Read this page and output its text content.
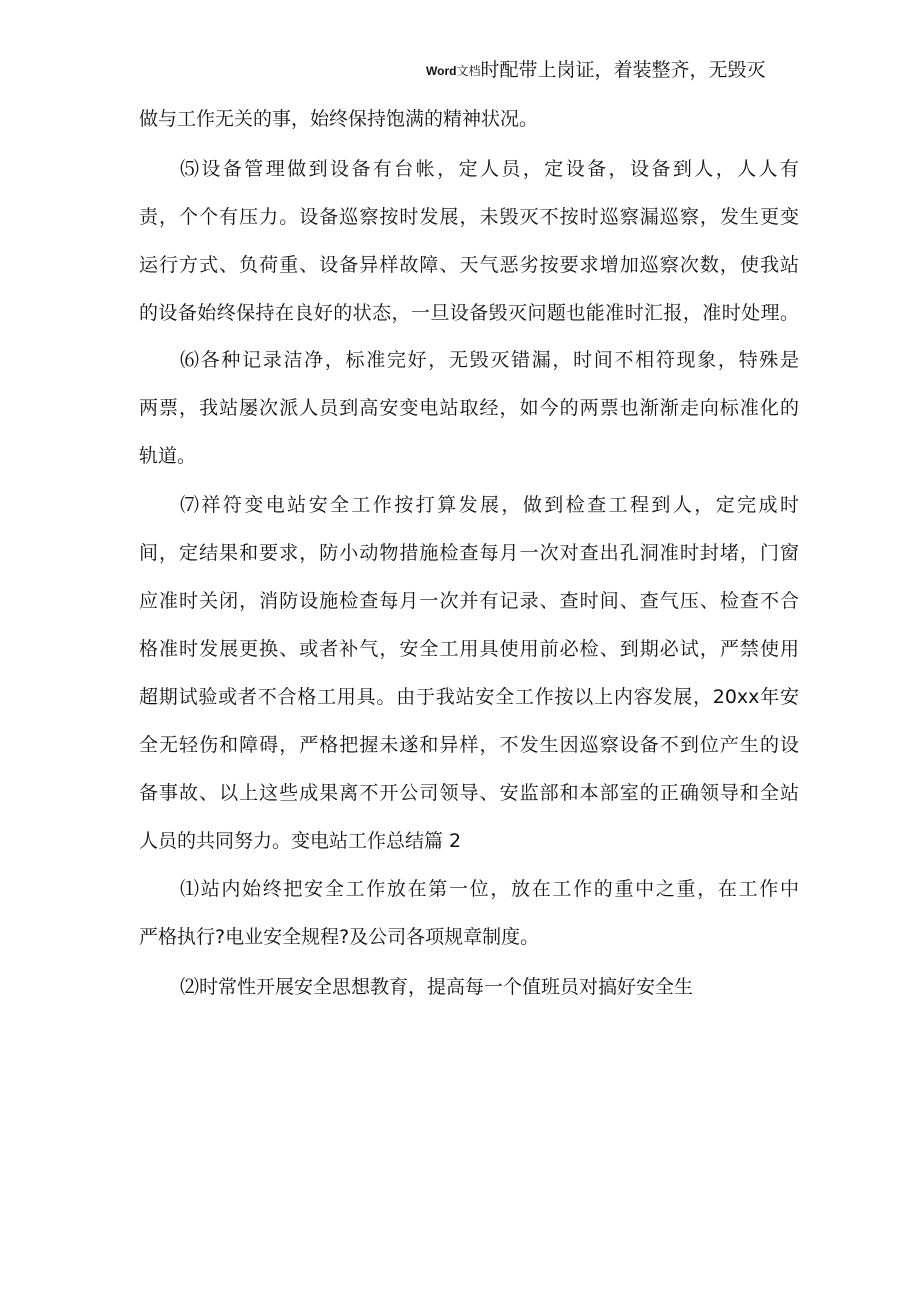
Word文档时配带上岗证，着装整齐，无毁灭
做与工作无关的事，始终保持饱满的精神状况。
⑸设备管理做到设备有台帐，定人员，定设备，设备到人，人人有
责，个个有压力。设备巡察按时发展，未毁灭不按时巡察漏巡察，发生更变
运行方式、负荷重、设备异样故障、天气恶劣按要求增加巡察次数，使我站
的设备始终保持在良好的状态，一旦设备毁灭问题也能准时汇报，准时处理。
⑹各种记录洁净，标准完好，无毁灭错漏，时间不相符现象，特殊是
两票，我站屡次派人员到高安变电站取经，如今的两票也渐渐走向标准化的
轨道。
⑺祥符变电站安全工作按打算发展，做到检查工程到人，定完成时
间，定结果和要求，防小动物措施检查每月一次对查出孔洞准时封堵，门窗
应准时关闭，消防设施检查每月一次并有记录、查时间、查气压、检查不合
格准时发展更换、或者补气，安全工用具使用前必检、到期必试，严禁使用
超期试验或者不合格工用具。由于我站安全工作按以上内容发展，20xx年安
全无轻伤和障碍，严格把握未遂和异样，不发生因巡察设备不到位产生的设
备事故、以上这些成果离不开公司领导、安监部和本部室的正确领导和全站
人员的共同努力。变电站工作总结篇 2
⑴站内始终把安全工作放在第一位，放在工作的重中之重，在工作中
严格执行?电业安全规程?及公司各项规章制度。
⑵时常性开展安全思想教育，提高每一个值班员对搞好安全生
